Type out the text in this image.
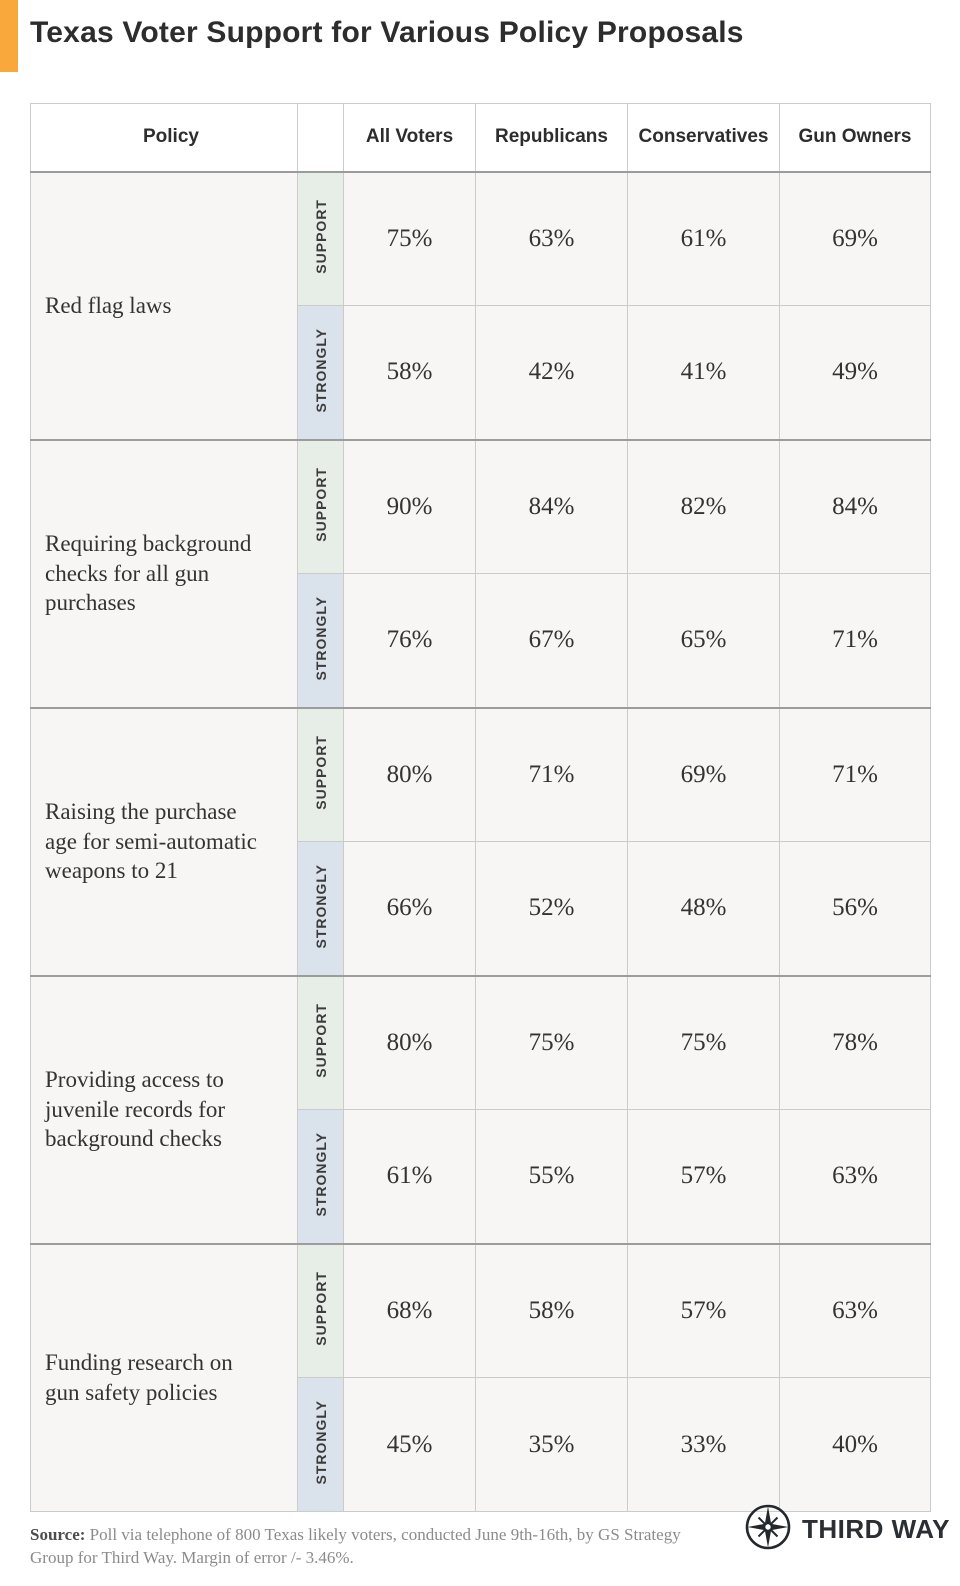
Texas Voter Support for Various Policy Proposals
Policy		All Voters	Republicans	Conservatives	Gun Owners
Red flag laws	SUPPORT	75%	63%	61%	69%
	STRONGLY	58%	42%	41%	49%
Requiring background checks for all gun purchases	SUPPORT	90%	84%	82%	84%
	STRONGLY	76%	67%	65%	71%
Raising the purchase age for semi-automatic weapons to 21	SUPPORT	80%	71%	69%	71%
	STRONGLY	66%	52%	48%	56%
Providing access to juvenile records for background checks	SUPPORT	80%	75%	75%	78%
	STRONGLY	61%	55%	57%	63%
Funding research on gun safety policies	SUPPORT	68%	58%	57%	63%
	STRONGLY	45%	35%	33%	40%

Source: Poll via telephone of 800 Texas likely voters, conducted June 9th-16th, by GS Strategy Group for Third Way. Margin of error /- 3.46%.

THIRD WAY
